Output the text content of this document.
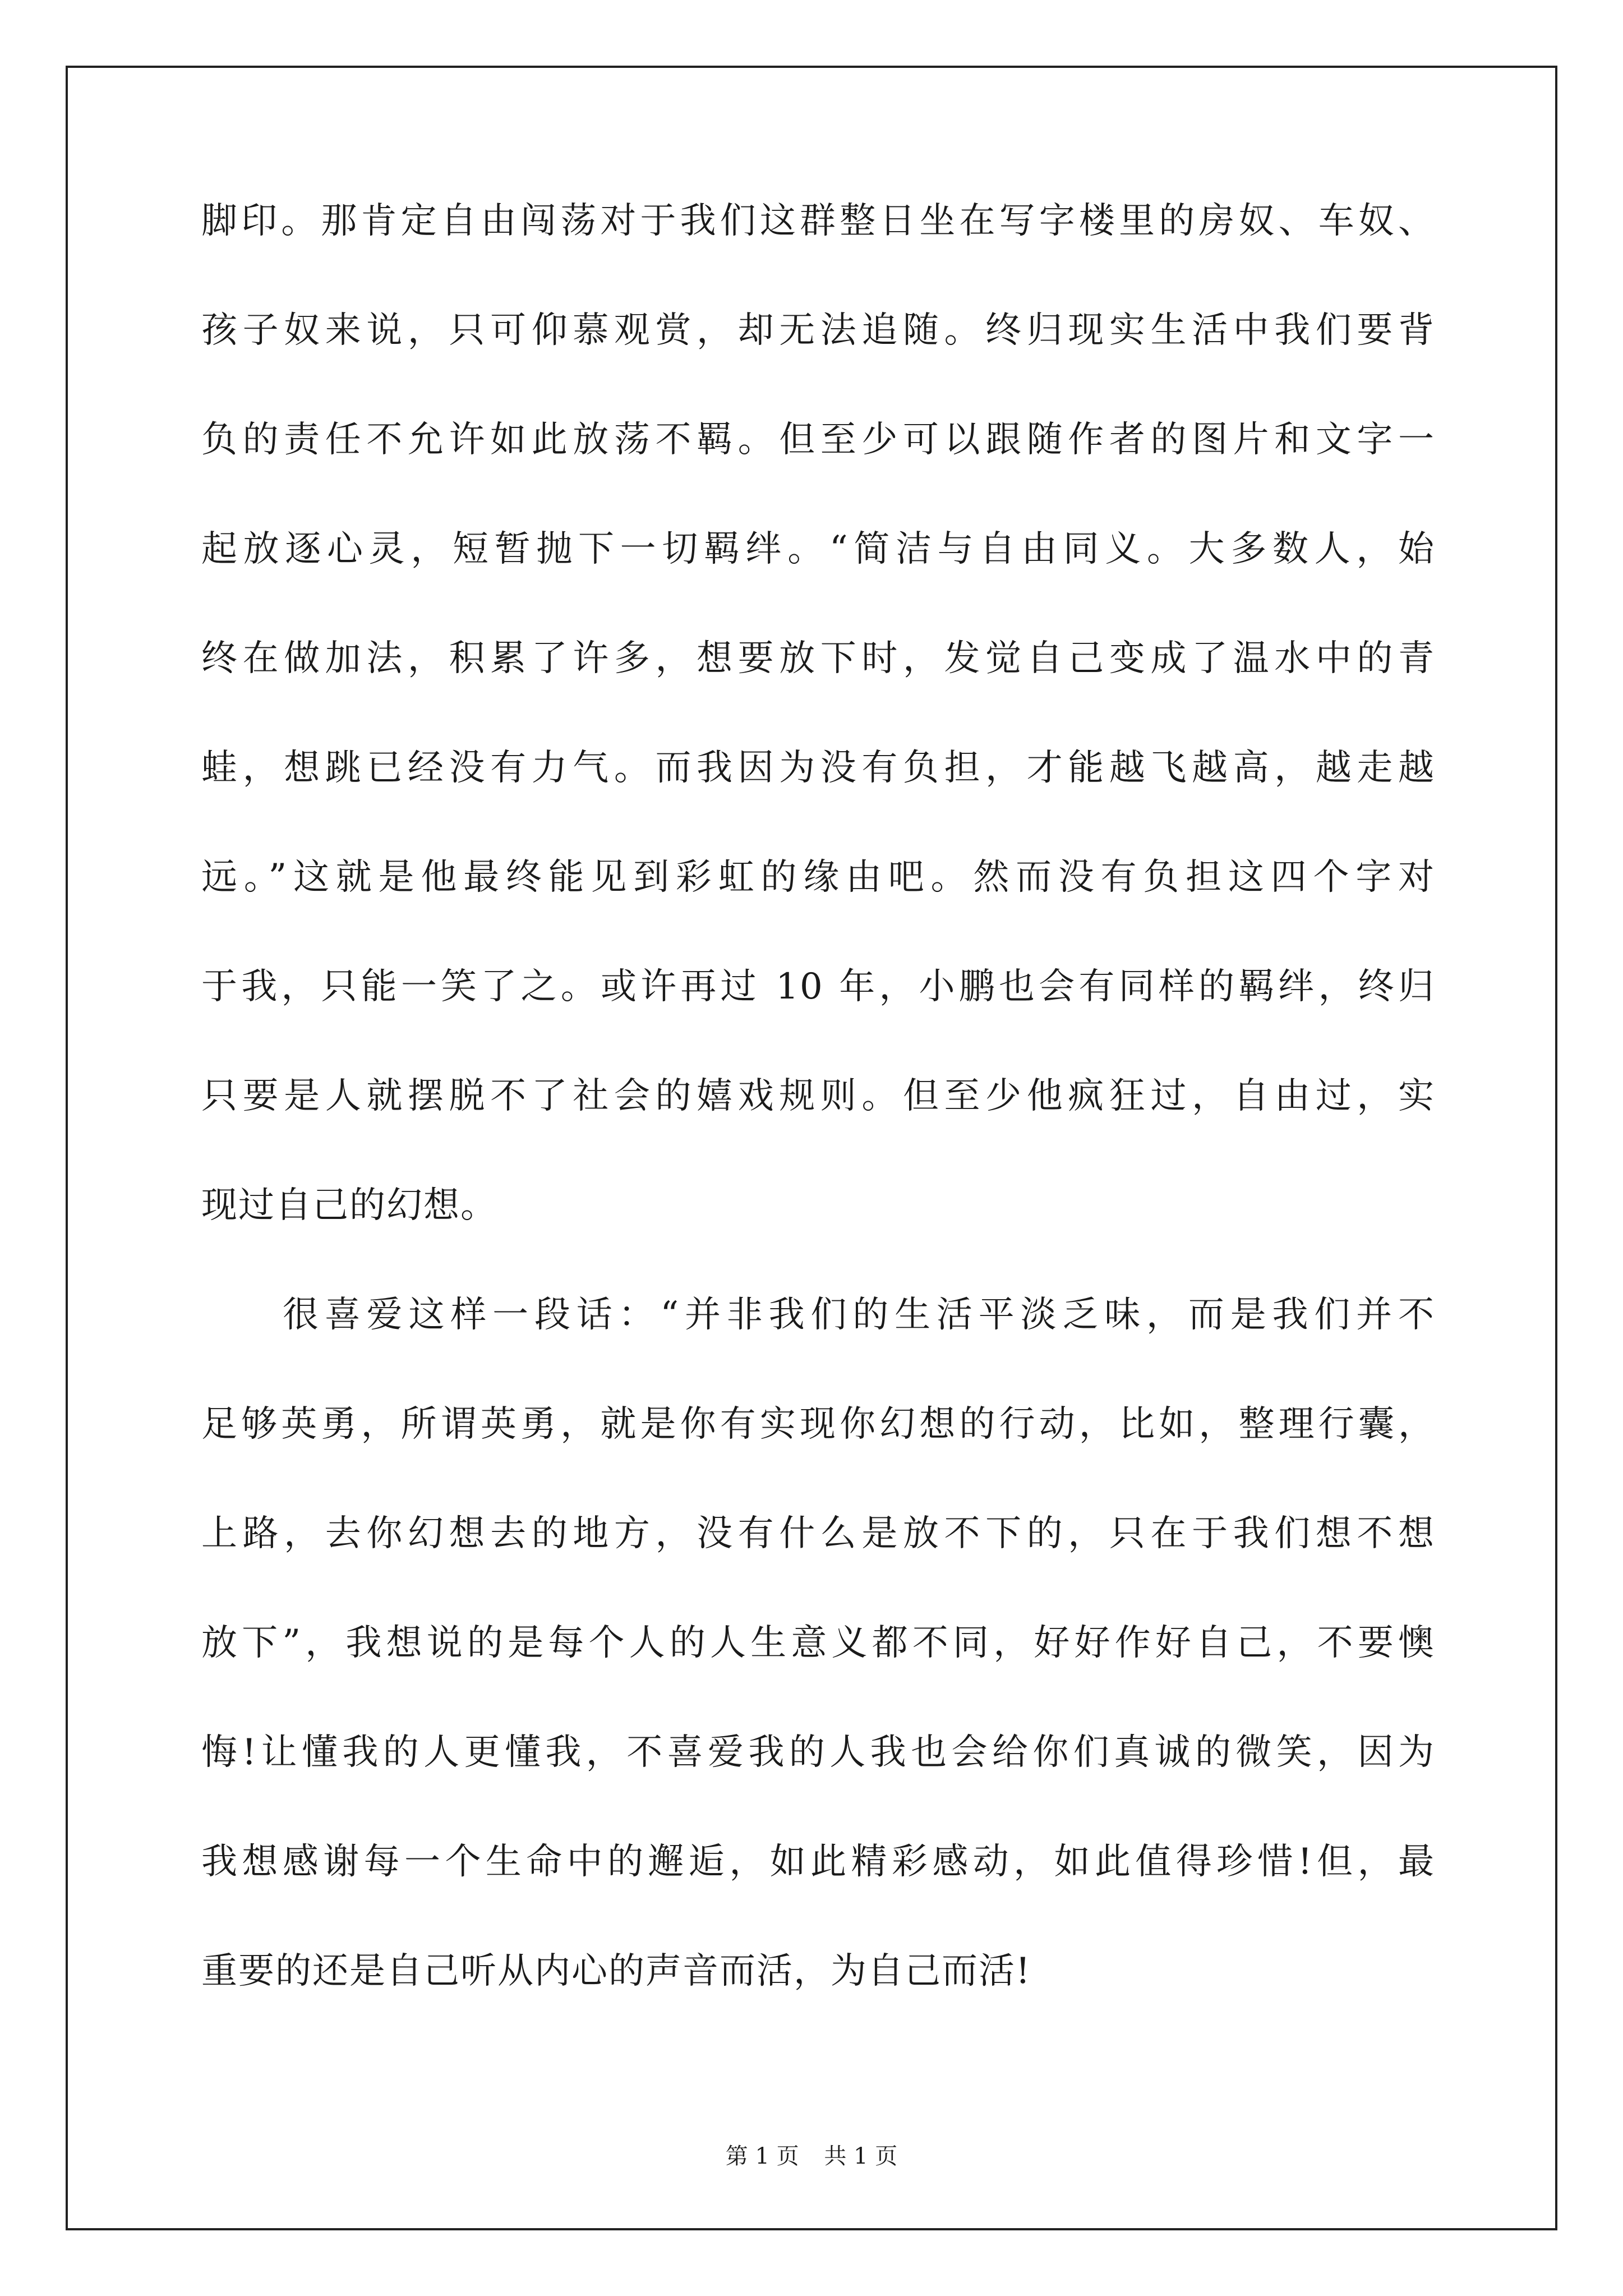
脚印。那肯定自由闯荡对于我们这群整日坐在写字楼里的房奴、车奴、
孩子奴来说，只可仰慕观赏，却无法追随。终归现实生活中我们要背
负的责任不允许如此放荡不羁。但至少可以跟随作者的图片和文字一
起放逐心灵，短暂抛下一切羁绊。“简洁与自由同义。大多数人，始
终在做加法，积累了许多，想要放下时，发觉自己变成了温水中的青
蛙，想跳已经没有力气。而我因为没有负担，才能越飞越高，越走越
远。”这就是他最终能见到彩虹的缘由吧。然而没有负担这四个字对
于我，只能一笑了之。或许再过 10 年，小鹏也会有同样的羁绊，终归
只要是人就摆脱不了社会的嬉戏规则。但至少他疯狂过，自由过，实
现过自己的幻想。
很喜爱这样一段话：“并非我们的生活平淡乏味，而是我们并不
足够英勇，所谓英勇，就是你有实现你幻想的行动，比如，整理行囊，
上路，去你幻想去的地方，没有什么是放不下的，只在于我们想不想
放下”，我想说的是每个人的人生意义都不同，好好作好自己，不要懊
悔!让懂我的人更懂我，不喜爱我的人我也会给你们真诚的微笑，因为
我想感谢每一个生命中的邂逅，如此精彩感动，如此值得珍惜!但，最
重要的还是自己听从内心的声音而活，为自己而活!
第 1 页 共 1 页
